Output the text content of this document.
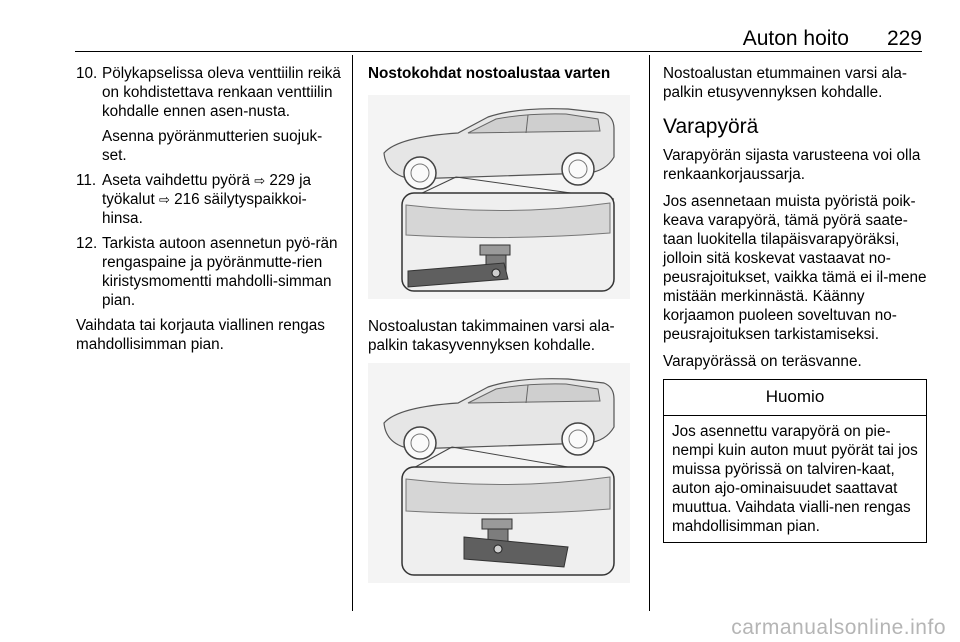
Auton hoito 229
10. Pölykapselissa oleva venttiilin reikä on kohdistettava renkaan venttiilin kohdalle ennen asen-nusta.
Asenna pyöränmutterien suojuk-set.
11. Aseta vaihdettu pyörä ⇨ 229 ja työkalut ⇨ 216 säilytyspaikkoi-hinsa.
12. Tarkista autoon asennetun pyö-rän rengaspaine ja pyöränmutte-rien kiristysmomentti mahdolli-simman pian.

Vaihdata tai korjauta viallinen rengas mahdollisimman pian.

Nostokohdat nostoalustaa varten

Nostoalustan takimmainen varsi ala-palkin takasyvennyksen kohdalle.

Nostoalustan etummainen varsi ala-palkin etusyvennyksen kohdalle.

Varapyörä

Varapyörän sijasta varusteena voi olla renkaankorjaussarja.

Jos asennetaan muista pyöristä poik-keava varapyörä, tämä pyörä saate-taan luokitella tilapäisvarapyöräksi, jolloin sitä koskevat vastaavat no-peusrajoitukset, vaikka tämä ei il-mene mistään merkinnästä. Käänny korjaamon puoleen soveltuvan no-peusrajoituksen tarkistamiseksi.

Varapyörässä on teräsvanne.

Huomio
Jos asennettu varapyörä on pie-nempi kuin auton muut pyörät tai jos muissa pyörissä on talviren-kaat, auton ajo-ominaisuudet saattavat muuttua. Vaihdata vialli-nen rengas mahdollisimman pian.
carmanualsonline.info
